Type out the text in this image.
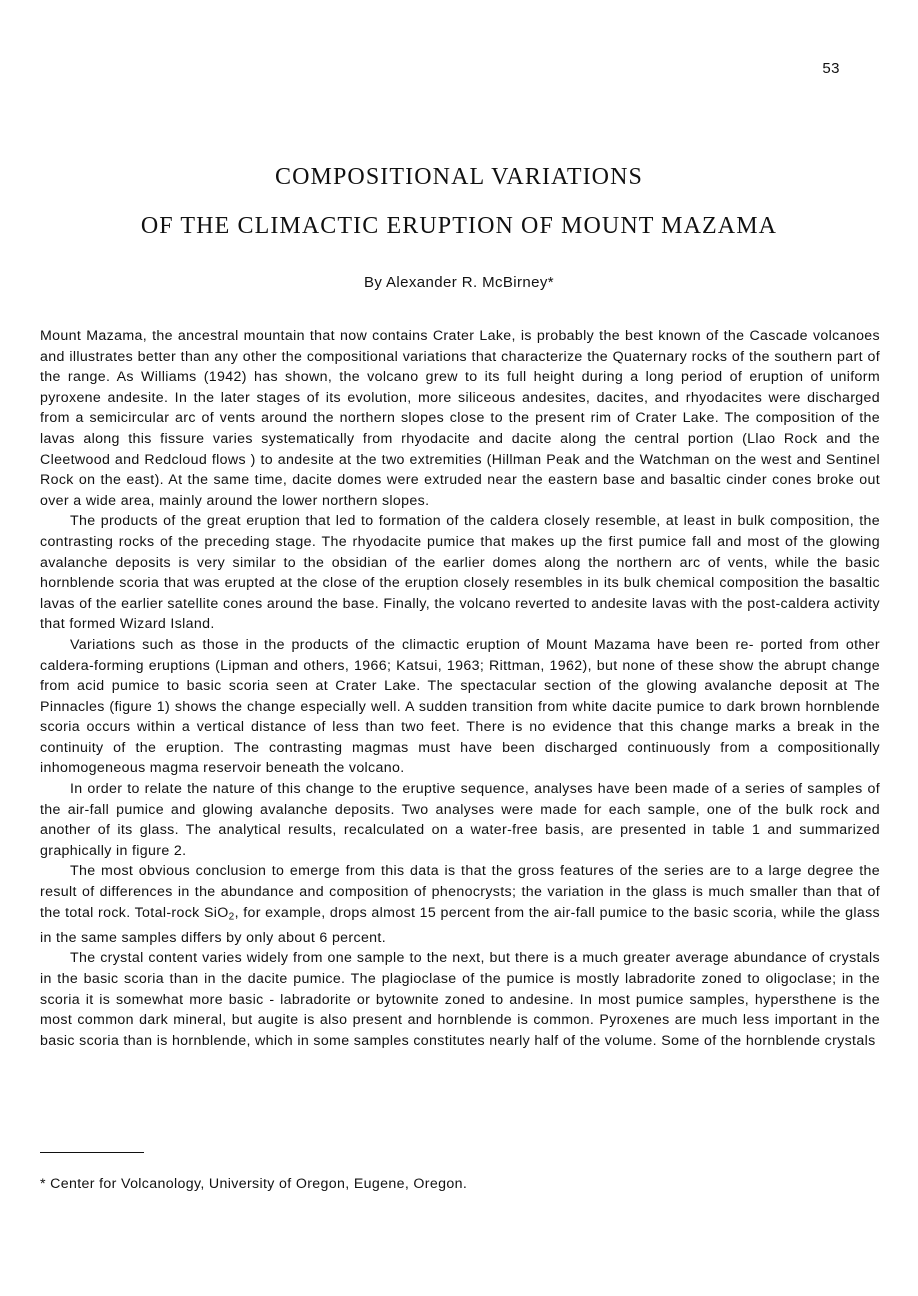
53
COMPOSITIONAL VARIATIONS
OF THE CLIMACTIC ERUPTION OF MOUNT MAZAMA
By Alexander R. McBirney*

Mount Mazama, the ancestral mountain that now contains Crater Lake, is probably the best known of the Cascade volcanoes and illustrates better than any other the compositional variations that characterize the Quaternary rocks of the southern part of the range. As Williams (1942) has shown, the volcano grew to its full height during a long period of eruption of uniform pyroxene andesite. In the later stages of its evolution, more siliceous andesites, dacites, and rhyodacites were discharged from a semicircular arc of vents around the northern slopes close to the present rim of Crater Lake. The composition of the lavas along this fissure varies systematically from rhyodacite and dacite along the central portion (Llao Rock and the Cleetwood and Redcloud flows ) to andesite at the two extremities (Hillman Peak and the Watchman on the west and Sentinel Rock on the east). At the same time, dacite domes were extruded near the eastern base and basaltic cinder cones broke out over a wide area, mainly around the lower northern slopes.

The products of the great eruption that led to formation of the caldera closely resemble, at least in bulk composition, the contrasting rocks of the preceding stage. The rhyodacite pumice that makes up the first pumice fall and most of the glowing avalanche deposits is very similar to the obsidian of the earlier domes along the northern arc of vents, while the basic hornblende scoria that was erupted at the close of the eruption closely resembles in its bulk chemical composition the basaltic lavas of the earlier satellite cones around the base. Finally, the volcano reverted to andesite lavas with the post-caldera activity that formed Wizard Island.

Variations such as those in the products of the climactic eruption of Mount Mazama have been re- ported from other caldera-forming eruptions (Lipman and others, 1966; Katsui, 1963; Rittman, 1962), but none of these show the abrupt change from acid pumice to basic scoria seen at Crater Lake. The spectacular section of the glowing avalanche deposit at The Pinnacles (figure 1) shows the change especially well. A sudden transition from white dacite pumice to dark brown hornblende scoria occurs within a vertical distance of less than two feet. There is no evidence that this change marks a break in the continuity of the eruption. The contrasting magmas must have been discharged continuously from a compositionally inhomogeneous magma reservoir beneath the volcano.

In order to relate the nature of this change to the eruptive sequence, analyses have been made of a series of samples of the air-fall pumice and glowing avalanche deposits. Two analyses were made for each sample, one of the bulk rock and another of its glass. The analytical results, recalculated on a water-free basis, are presented in table 1 and summarized graphically in figure 2.

The most obvious conclusion to emerge from this data is that the gross features of the series are to a large degree the result of differences in the abundance and composition of phenocrysts; the variation in the glass is much smaller than that of the total rock. Total-rock SiO$_2$, for example, drops almost 15 percent from the air-fall pumice to the basic scoria, while the glass in the same samples differs by only about 6 percent.

The crystal content varies widely from one sample to the next, but there is a much greater average abundance of crystals in the basic scoria than in the dacite pumice. The plagioclase of the pumice is mostly labradorite zoned to oligoclase; in the scoria it is somewhat more basic - labradorite or bytownite zoned to andesine. In most pumice samples, hypersthene is the most common dark mineral, but augite is also present and hornblende is common. Pyroxenes are much less important in the basic scoria than is hornblende, which in some samples constitutes nearly half of the volume. Some of the hornblende crystals

* Center for Volcanology, University of Oregon, Eugene, Oregon.
